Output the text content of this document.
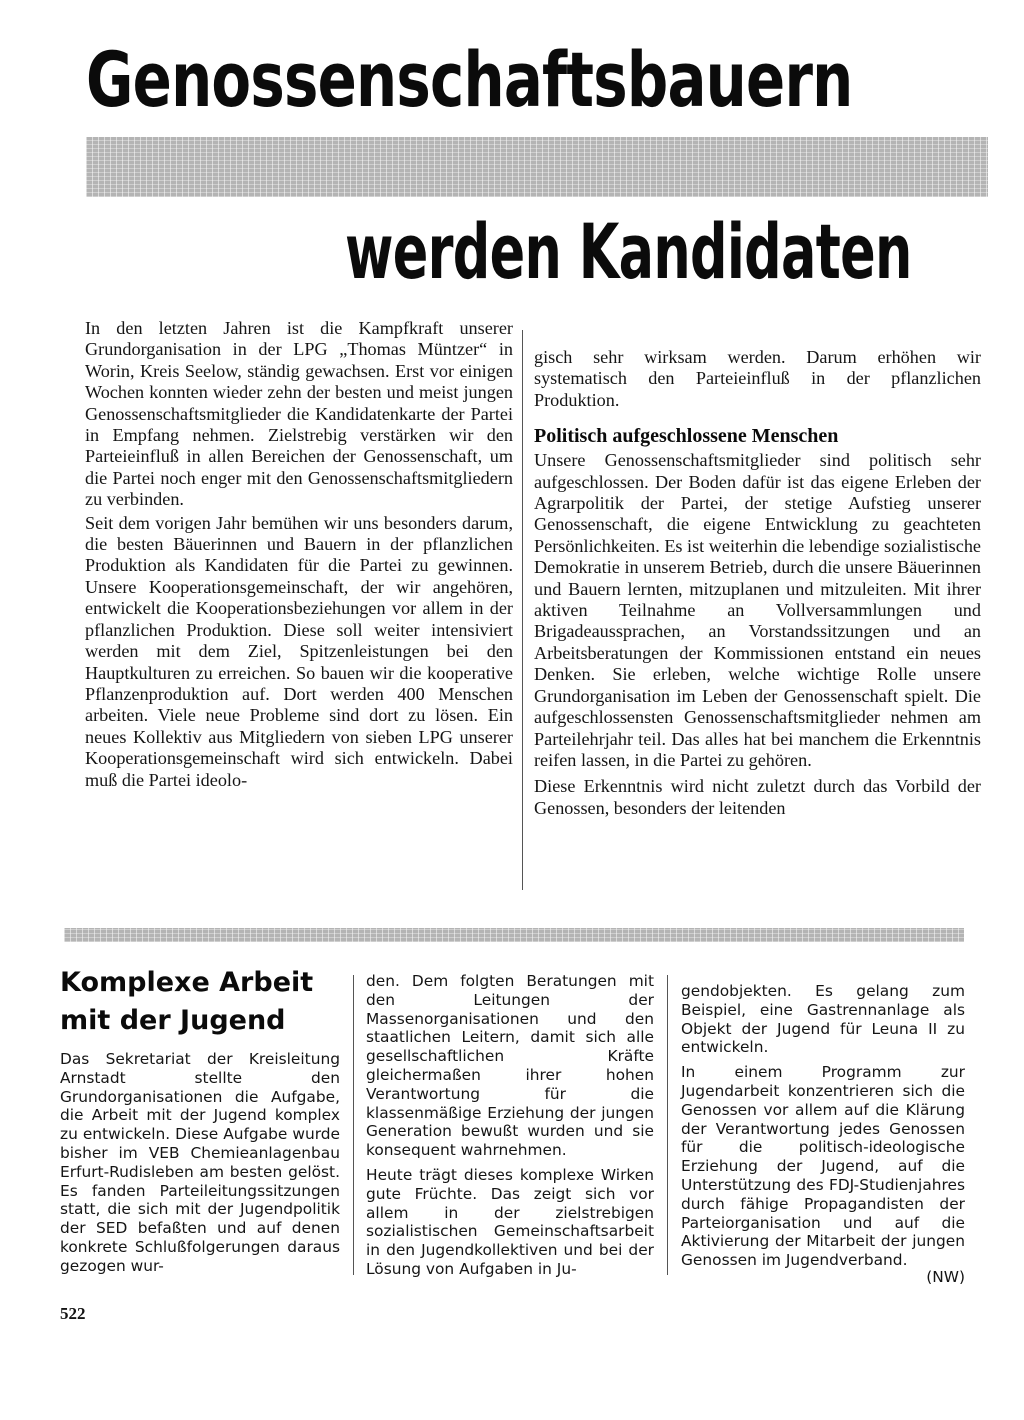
Genossenschaftsbauern
werden Kandidaten

In den letzten Jahren ist die Kampfkraft unserer Grundorganisation in der LPG „Thomas Müntzer“ in Worin, Kreis Seelow, ständig gewachsen. Erst vor einigen Wochen konnten wieder zehn der besten und meist jungen Genossenschaftsmitglieder die Kandidatenkarte der Partei in Empfang nehmen. Zielstrebig verstärken wir den Parteieinfluß in allen Bereichen der Genossenschaft, um die Partei noch enger mit den Genossenschaftsmitgliedern zu verbinden.

Seit dem vorigen Jahr bemühen wir uns besonders darum, die besten Bäuerinnen und Bauern in der pflanzlichen Produktion als Kandidaten für die Partei zu gewinnen. Unsere Kooperationsgemeinschaft, der wir angehören, entwickelt die Kooperationsbeziehungen vor allem in der pflanzlichen Produktion. Diese soll weiter intensiviert werden mit dem Ziel, Spitzenleistungen bei den Hauptkulturen zu erreichen. So bauen wir die kooperative Pflanzenproduktion auf. Dort werden 400 Menschen arbeiten. Viele neue Probleme sind dort zu lösen. Ein neues Kollektiv aus Mitgliedern von sieben LPG unserer Kooperationsgemeinschaft wird sich entwickeln. Dabei muß die Partei ideolo-

gisch sehr wirksam werden. Darum erhöhen wir systematisch den Parteieinfluß in der pflanzlichen Produktion.

Politisch aufgeschlossene Menschen

Unsere Genossenschaftsmitglieder sind politisch sehr aufgeschlossen. Der Boden dafür ist das eigene Erleben der Agrarpolitik der Partei, der stetige Aufstieg unserer Genossenschaft, die eigene Entwicklung zu geachteten Persönlichkeiten. Es ist weiterhin die lebendige sozialistische Demokratie in unserem Betrieb, durch die unsere Bäuerinnen und Bauern lernten, mitzuplanen und mitzuleiten. Mit ihrer aktiven Teilnahme an Vollversammlungen und Brigadeaussprachen, an Vorstandssitzungen und an Arbeitsberatungen der Kommissionen entstand ein neues Denken. Sie erleben, welche wichtige Rolle unsere Grundorganisation im Leben der Genossenschaft spielt. Die aufgeschlossensten Genossenschaftsmitglieder nehmen am Parteilehrjahr teil. Das alles hat bei manchem die Erkenntnis reifen lassen, in die Partei zu gehören.

Diese Erkenntnis wird nicht zuletzt durch das Vorbild der Genossen, besonders der leitenden

Komplexe Arbeit
mit der Jugend

Das Sekretariat der Kreisleitung Arnstadt stellte den Grundorganisationen die Aufgabe, die Arbeit mit der Jugend komplex zu entwickeln. Diese Aufgabe wurde bisher im VEB Chemieanlagenbau Erfurt-Rudisleben am besten gelöst. Es fanden Parteileitungssitzungen statt, die sich mit der Jugendpolitik der SED befaßten und auf denen konkrete Schlußfolgerungen daraus gezogen wur-

den. Dem folgten Beratungen mit den Leitungen der Massenorganisationen und den staatlichen Leitern, damit sich alle gesellschaftlichen Kräfte gleichermaßen ihrer hohen Verantwortung für die klassenmäßige Erziehung der jungen Generation bewußt wurden und sie konsequent wahrnehmen.

Heute trägt dieses komplexe Wirken gute Früchte. Das zeigt sich vor allem in der zielstrebigen sozialistischen Gemeinschaftsarbeit in den Jugendkollektiven und bei der Lösung von Aufgaben in Ju-

gendobjekten. Es gelang zum Beispiel, eine Gastrennanlage als Objekt der Jugend für Leuna II zu entwickeln.

In einem Programm zur Jugendarbeit konzentrieren sich die Genossen vor allem auf die Klärung der Verantwortung jedes Genossen für die politisch-ideologische Erziehung der Jugend, auf die Unterstützung des FDJ-Studienjahres durch fähige Propagandisten der Parteiorganisation und auf die Aktivierung der Mitarbeit der jungen Genossen im Jugendverband.

(NW)
522
